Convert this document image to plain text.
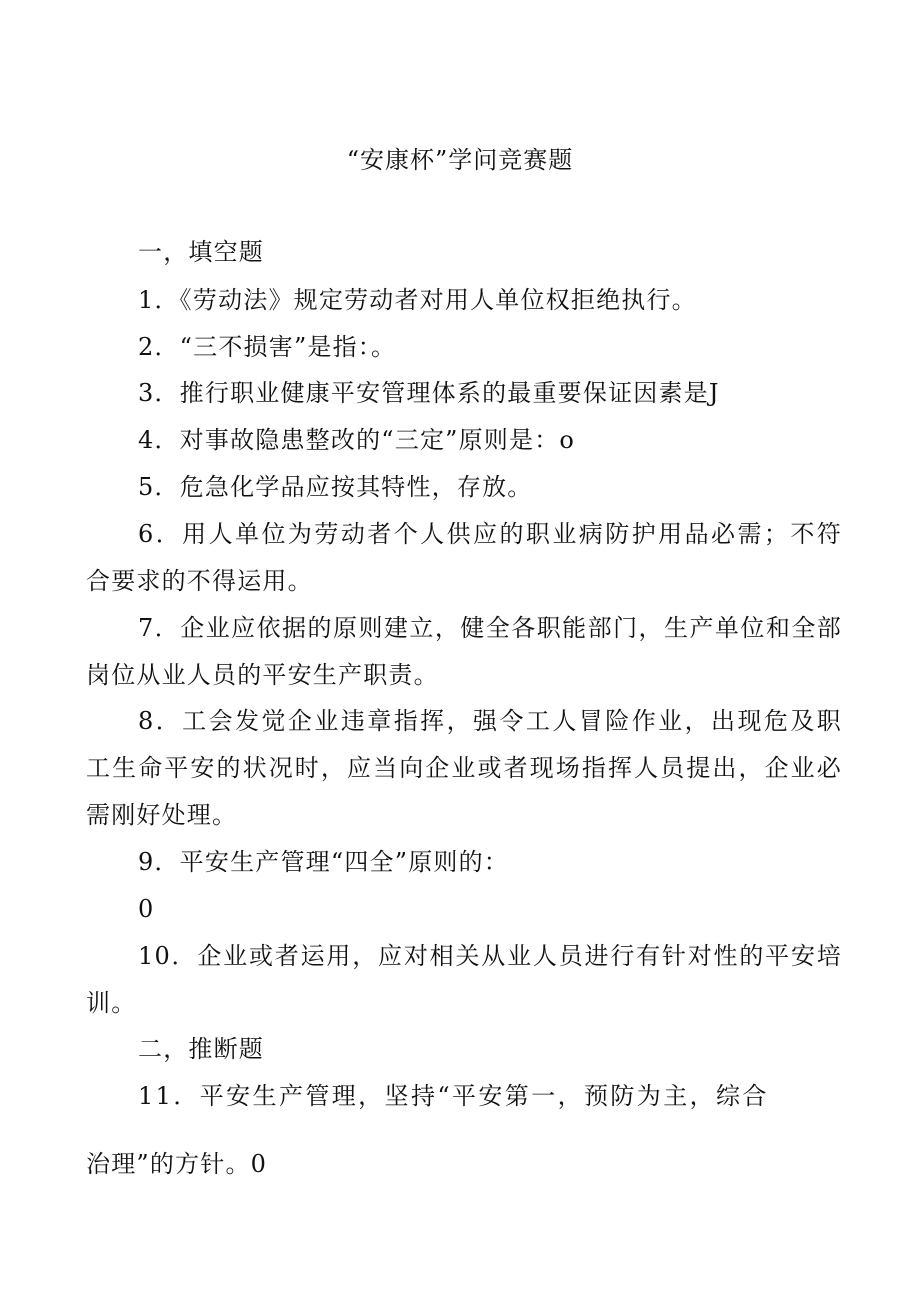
“安康杯”学问竞赛题
一，填空题
1．《劳动法》规定劳动者对用人单位权拒绝执行。
2．“三不损害”是指：。
3．推行职业健康平安管理体系的最重要保证因素是J
4．对事故隐患整改的“三定”原则是：o
5．危急化学品应按其特性，存放。
6．用人单位为劳动者个人供应的职业病防护用品必需；不符
合要求的不得运用。
7．企业应依据的原则建立，健全各职能部门，生产单位和全部
岗位从业人员的平安生产职责。
8．工会发觉企业违章指挥，强令工人冒险作业，出现危及职
工生命平安的状况时，应当向企业或者现场指挥人员提出，企业必
需刚好处理。
9．平安生产管理“四全”原则的：
0
10．企业或者运用，应对相关从业人员进行有针对性的平安培
训。
二，推断题
11．平安生产管理，坚持“平安第一，预防为主，综合
治理”的方针。0
